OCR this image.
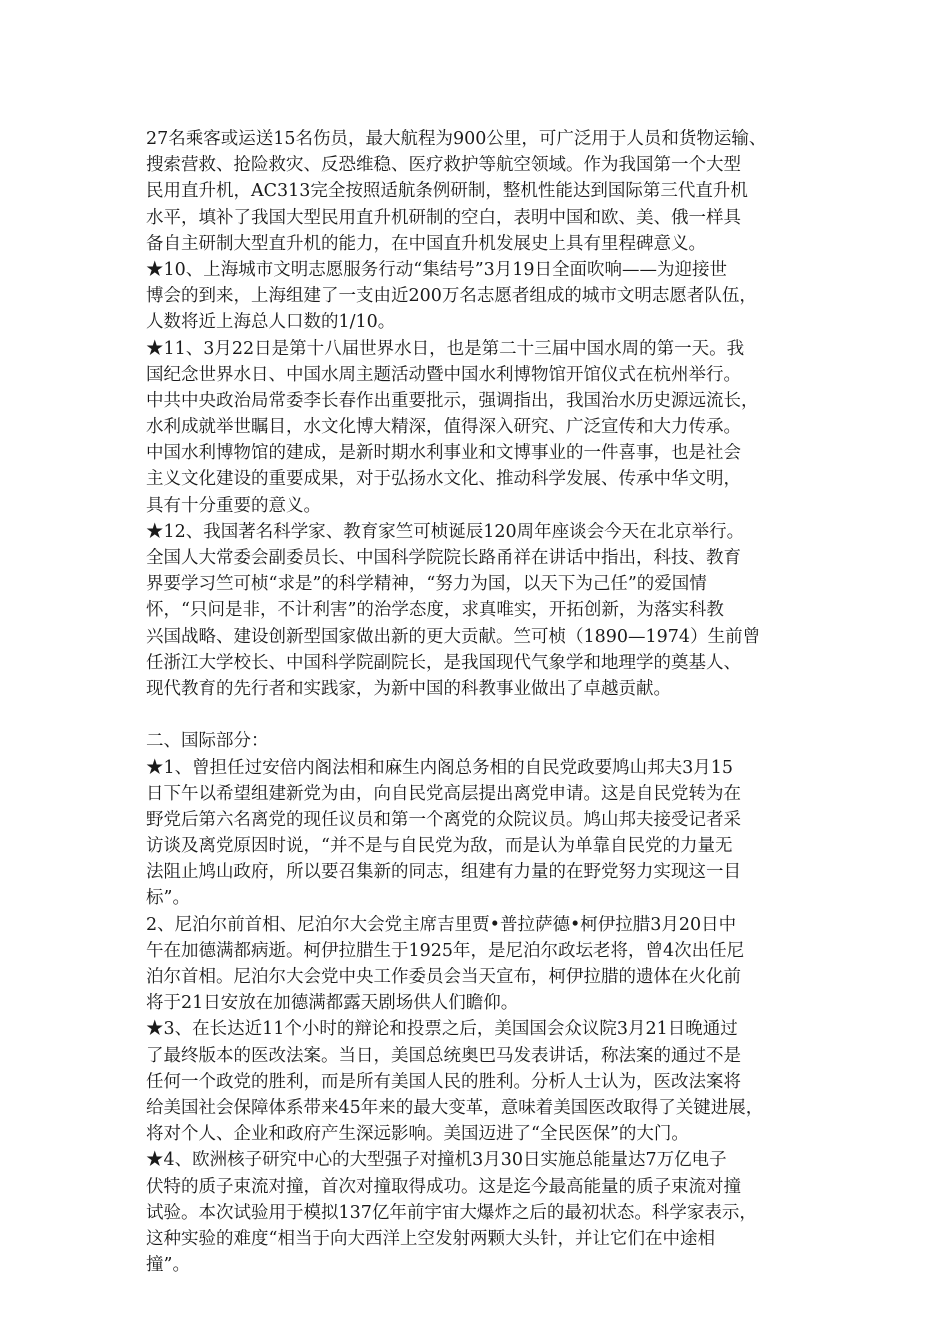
27名乘客或运送15名伤员，最大航程为900公里，可广泛用于人员和货物运输、
搜索营救、抢险救灾、反恐维稳、医疗救护等航空领域。作为我国第一个大型
民用直升机，AC313完全按照适航条例研制，整机性能达到国际第三代直升机
水平，填补了我国大型民用直升机研制的空白，表明中国和欧、美、俄一样具
备自主研制大型直升机的能力，在中国直升机发展史上具有里程碑意义。
★10、上海城市文明志愿服务行动“集结号”3月19日全面吹响——为迎接世
博会的到来，上海组建了一支由近200万名志愿者组成的城市文明志愿者队伍，
人数将近上海总人口数的1/10。
★11、3月22日是第十八届世界水日，也是第二十三届中国水周的第一天。我
国纪念世界水日、中国水周主题活动暨中国水利博物馆开馆仪式在杭州举行。
中共中央政治局常委李长春作出重要批示，强调指出，我国治水历史源远流长，
水利成就举世瞩目，水文化博大精深，值得深入研究、广泛宣传和大力传承。
中国水利博物馆的建成，是新时期水利事业和文博事业的一件喜事，也是社会
主义文化建设的重要成果，对于弘扬水文化、推动科学发展、传承中华文明，
具有十分重要的意义。
★12、我国著名科学家、教育家竺可桢诞辰120周年座谈会今天在北京举行。
全国人大常委会副委员长、中国科学院院长路甬祥在讲话中指出，科技、教育
界要学习竺可桢“求是”的科学精神，“努力为国，以天下为己任”的爱国情
怀，“只问是非，不计利害”的治学态度，求真唯实，开拓创新，为落实科教
兴国战略、建设创新型国家做出新的更大贡献。竺可桢（1890—1974）生前曾
任浙江大学校长、中国科学院副院长，是我国现代气象学和地理学的奠基人、
现代教育的先行者和实践家，为新中国的科教事业做出了卓越贡献。
二、国际部分：
★1、曾担任过安倍内阁法相和麻生内阁总务相的自民党政要鸠山邦夫3月15
日下午以希望组建新党为由，向自民党高层提出离党申请。这是自民党转为在
野党后第六名离党的现任议员和第一个离党的众院议员。鸠山邦夫接受记者采
访谈及离党原因时说，“并不是与自民党为敌，而是认为单靠自民党的力量无
法阻止鸠山政府，所以要召集新的同志，组建有力量的在野党努力实现这一目
标”。
2、尼泊尔前首相、尼泊尔大会党主席吉里贾•普拉萨德•柯伊拉腊3月20日中
午在加德满都病逝。柯伊拉腊生于1925年，是尼泊尔政坛老将，曾4次出任尼
泊尔首相。尼泊尔大会党中央工作委员会当天宣布，柯伊拉腊的遗体在火化前
将于21日安放在加德满都露天剧场供人们瞻仰。
★3、在长达近11个小时的辩论和投票之后，美国国会众议院3月21日晚通过
了最终版本的医改法案。当日，美国总统奥巴马发表讲话，称法案的通过不是
任何一个政党的胜利，而是所有美国人民的胜利。分析人士认为，医改法案将
给美国社会保障体系带来45年来的最大变革，意味着美国医改取得了关键进展，
将对个人、企业和政府产生深远影响。美国迈进了“全民医保”的大门。
★4、欧洲核子研究中心的大型强子对撞机3月30日实施总能量达7万亿电子
伏特的质子束流对撞，首次对撞取得成功。这是迄今最高能量的质子束流对撞
试验。本次试验用于模拟137亿年前宇宙大爆炸之后的最初状态。科学家表示，
这种实验的难度“相当于向大西洋上空发射两颗大头针，并让它们在中途相
撞”。
